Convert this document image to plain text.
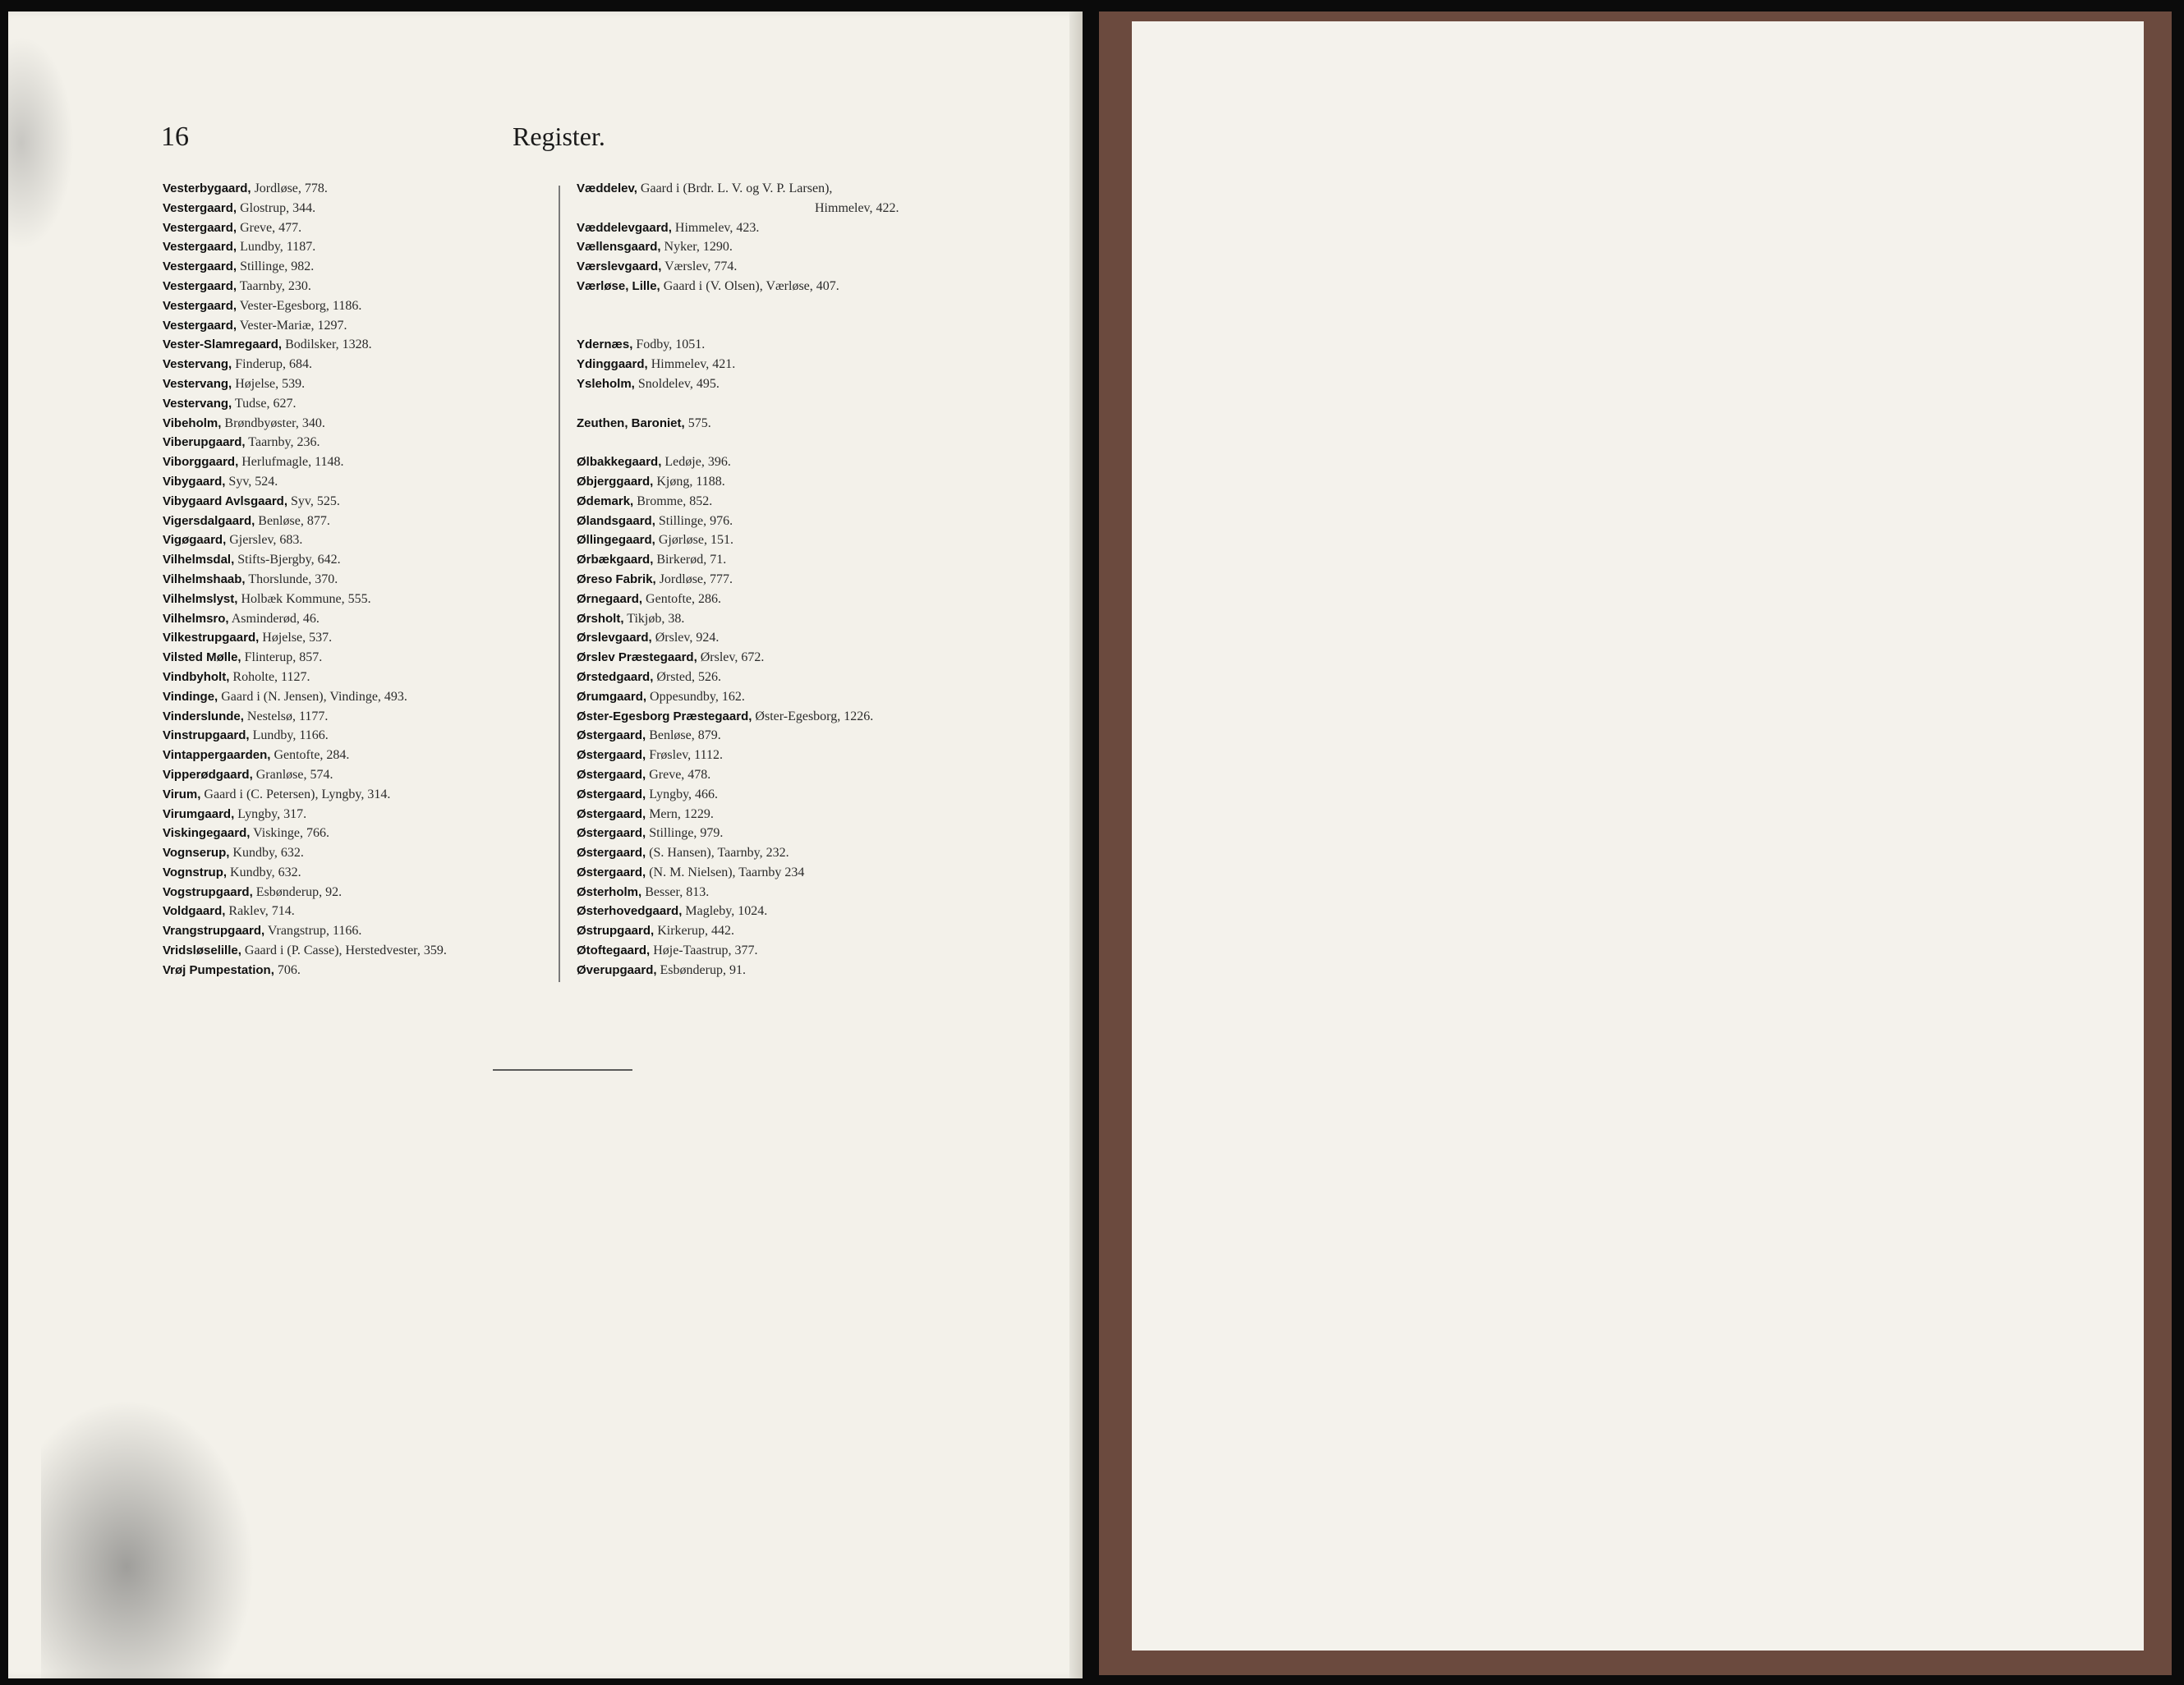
16	Register.
Vesterbygaard, Jordløse, 778.
Vestergaard, Glostrup, 344.
Vestergaard, Greve, 477.
Vestergaard, Lundby, 1187.
Vestergaard, Stillinge, 982.
Vestergaard, Taarnby, 230.
Vestergaard, Vester-Egesborg, 1186.
Vestergaard, Vester-Mariæ, 1297.
Vester-Slamregaard, Bodilsker, 1328.
Vestervang, Finderup, 684.
Vestervang, Højelse, 539.
Vestervang, Tudse, 627.
Vibeholm, Brøndbyøster, 340.
Viberupgaard, Taarnby, 236.
Viborggaard, Herlufmagle, 1148.
Vibygaard, Syv, 524.
Vibygaard Avlsgaard, Syv, 525.
Vigersdalgaard, Benløse, 877.
Vigøgaard, Gjerslev, 683.
Vilhelmsdal, Stifts-Bjergby, 642.
Vilhelmshaab, Thorslunde, 370.
Vilhelmslyst, Holbæk Kommune, 555.
Vilhelmsro, Asminderød, 46.
Vilkestrupgaard, Højelse, 537.
Vilsted Mølle, Flinterup, 857.
Vindbyholt, Roholte, 1127.
Vindinge, Gaard i (N. Jensen), Vindinge, 493.
Vinderslunde, Nestelsø, 1177.
Vinstrupgaard, Lundby, 1166.
Vintappergaarden, Gentofte, 284.
Vipperødgaard, Granløse, 574.
Virum, Gaard i (C. Petersen), Lyngby, 314.
Virumgaard, Lyngby, 317.
Viskingegaard, Viskinge, 766.
Vognserup, Kundby, 632.
Vognstrup, Kundby, 632.
Vogstrupgaard, Esbønderup, 92.
Voldgaard, Raklev, 714.
Vrangstrupgaard, Vrangstrup, 1166.
Vridsløselille, Gaard i (P. Casse), Herstedvester, 359.
Vrøj Pumpestation, 706.
Væddelev, Gaard i (Brdr. L. V. og V. P. Larsen),
Himmelev, 422.
Væddelevgaard, Himmelev, 423.
Vællensgaard, Nyker, 1290.
Værslevgaard, Værslev, 774.
Værløse, Lille, Gaard i (V. Olsen), Værløse, 407.
Ydernæs, Fodby, 1051.
Ydinggaard, Himmelev, 421.
Ysleholm, Snoldelev, 495.
Zeuthen, Baroniet, 575.
Ølbakkegaard, Ledøje, 396.
Øbjerggaard, Kjøng, 1188.
Ødemark, Bromme, 852.
Ølandsgaard, Stillinge, 976.
Øllingegaard, Gjørløse, 151.
Ørbækgaard, Birkerød, 71.
Øreso Fabrik, Jordløse, 777.
Ørnegaard, Gentofte, 286.
Ørsholt, Tikjøb, 38.
Ørslevgaard, Ørslev, 924.
Ørslev Præstegaard, Ørslev, 672.
Ørstedgaard, Ørsted, 526.
Ørumgaard, Oppesundby, 162.
Øster-Egesborg Præstegaard, Øster-Egesborg, 1226.
Østergaard, Benløse, 879.
Østergaard, Frøslev, 1112.
Østergaard, Greve, 478.
Østergaard, Lyngby, 466.
Østergaard, Mern, 1229.
Østergaard, Stillinge, 979.
Østergaard, (S. Hansen), Taarnby, 232.
Østergaard, (N. M. Nielsen), Taarnby 234
Østerholm, Besser, 813.
Østerhovedgaard, Magleby, 1024.
Østrupgaard, Kirkerup, 442.
Øtoftegaard, Høje-Taastrup, 377.
Øverupgaard, Esbønderup, 91.
